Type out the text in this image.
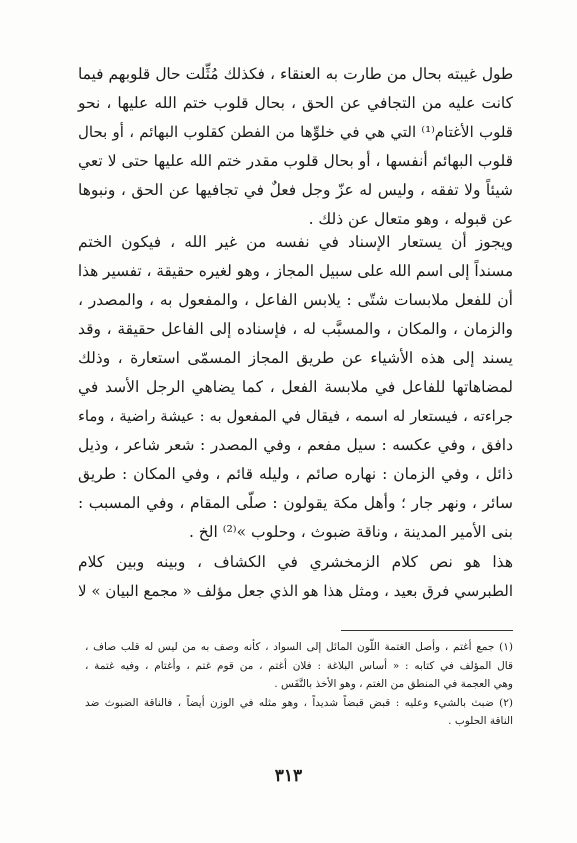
طول غيبته بحال من طارت به العنقاء ، فكذلك مُثِّلت حال قلوبهم فيما
كانت عليه من التجافي عن الحق ، بحال قلوب ختم الله عليها ، نحو
قلوب الأغتام⁽¹⁾ التي هي في خلوِّها من الفطن كقلوب البهائم ، أو بحال
قلوب البهائم أنفسها ، أو بحال قلوب مقدر ختم الله عليها حتى لا تعي
شيئاً ولا تفقه ، وليس له عزّ وجل فعلٌ في تجافيها عن الحق ، ونبوها
عن قبوله ، وهو متعال عن ذلك .
ويجوز أن يستعار الإسناد في نفسه من غير الله ، فيكون الختم
مسنداً إلى اسم الله على سبيل المجاز ، وهو لغيره حقيقة ، تفسير هذا
أن للفعل ملابسات شتّى : يلابس الفاعل ، والمفعول به ، والمصدر ،
والزمان ، والمكان ، والمسبَّب له ، فإسناده إلى الفاعل حقيقة ، وقد
يسند إلى هذه الأشياء عن طريق المجاز المسمّى استعارة ، وذلك
لمضاهاتها للفاعل في ملابسة الفعل ، كما يضاهي الرجل الأسد في
جراءته ، فيستعار له اسمه ، فيقال في المفعول به : عيشة راضية ، وماء
دافق ، وفي عكسه : سيل مفعم ، وفي المصدر : شعر شاعر ، وذيل
ذائل ، وفي الزمان : نهاره صائم ، وليله قائم ، وفي المكان : طريق
سائر ، ونهر جار ؛ وأهل مكة يقولون : صلّى المقام ، وفي المسبب :
بنى الأمير المدينة ، وناقة ضبوث ، وحلوب »⁽²⁾ الخ .
هذا هو نص كلام الزمخشري في الكشاف ، وبينه وبين كلام
الطبرسي فرق بعيد ، ومثل هذا هو الذي جعل مؤلف « مجمع البيان » لا
(١) جمع أغتم ، وأصل الغتمة اللّون المائل إلى السواد ، كأنه وصف به من ليس له قلب صاف ،
قال المؤلف في كتابه : « أساس البلاغة : فلان أغتم ، من قوم غتم ، وأغتام ، وفيه غتمة ،
وهي العجمة في المنطق من الغتم ، وهو الأخذ بالنَّفَس .
(٢) ضبث بالشيء وعليه : قبض قبضاً شديداً ، وهو مثله في الوزن أيضاً ، فالناقة الضبوث ضد
الناقة الحلوب .
٣١٣
